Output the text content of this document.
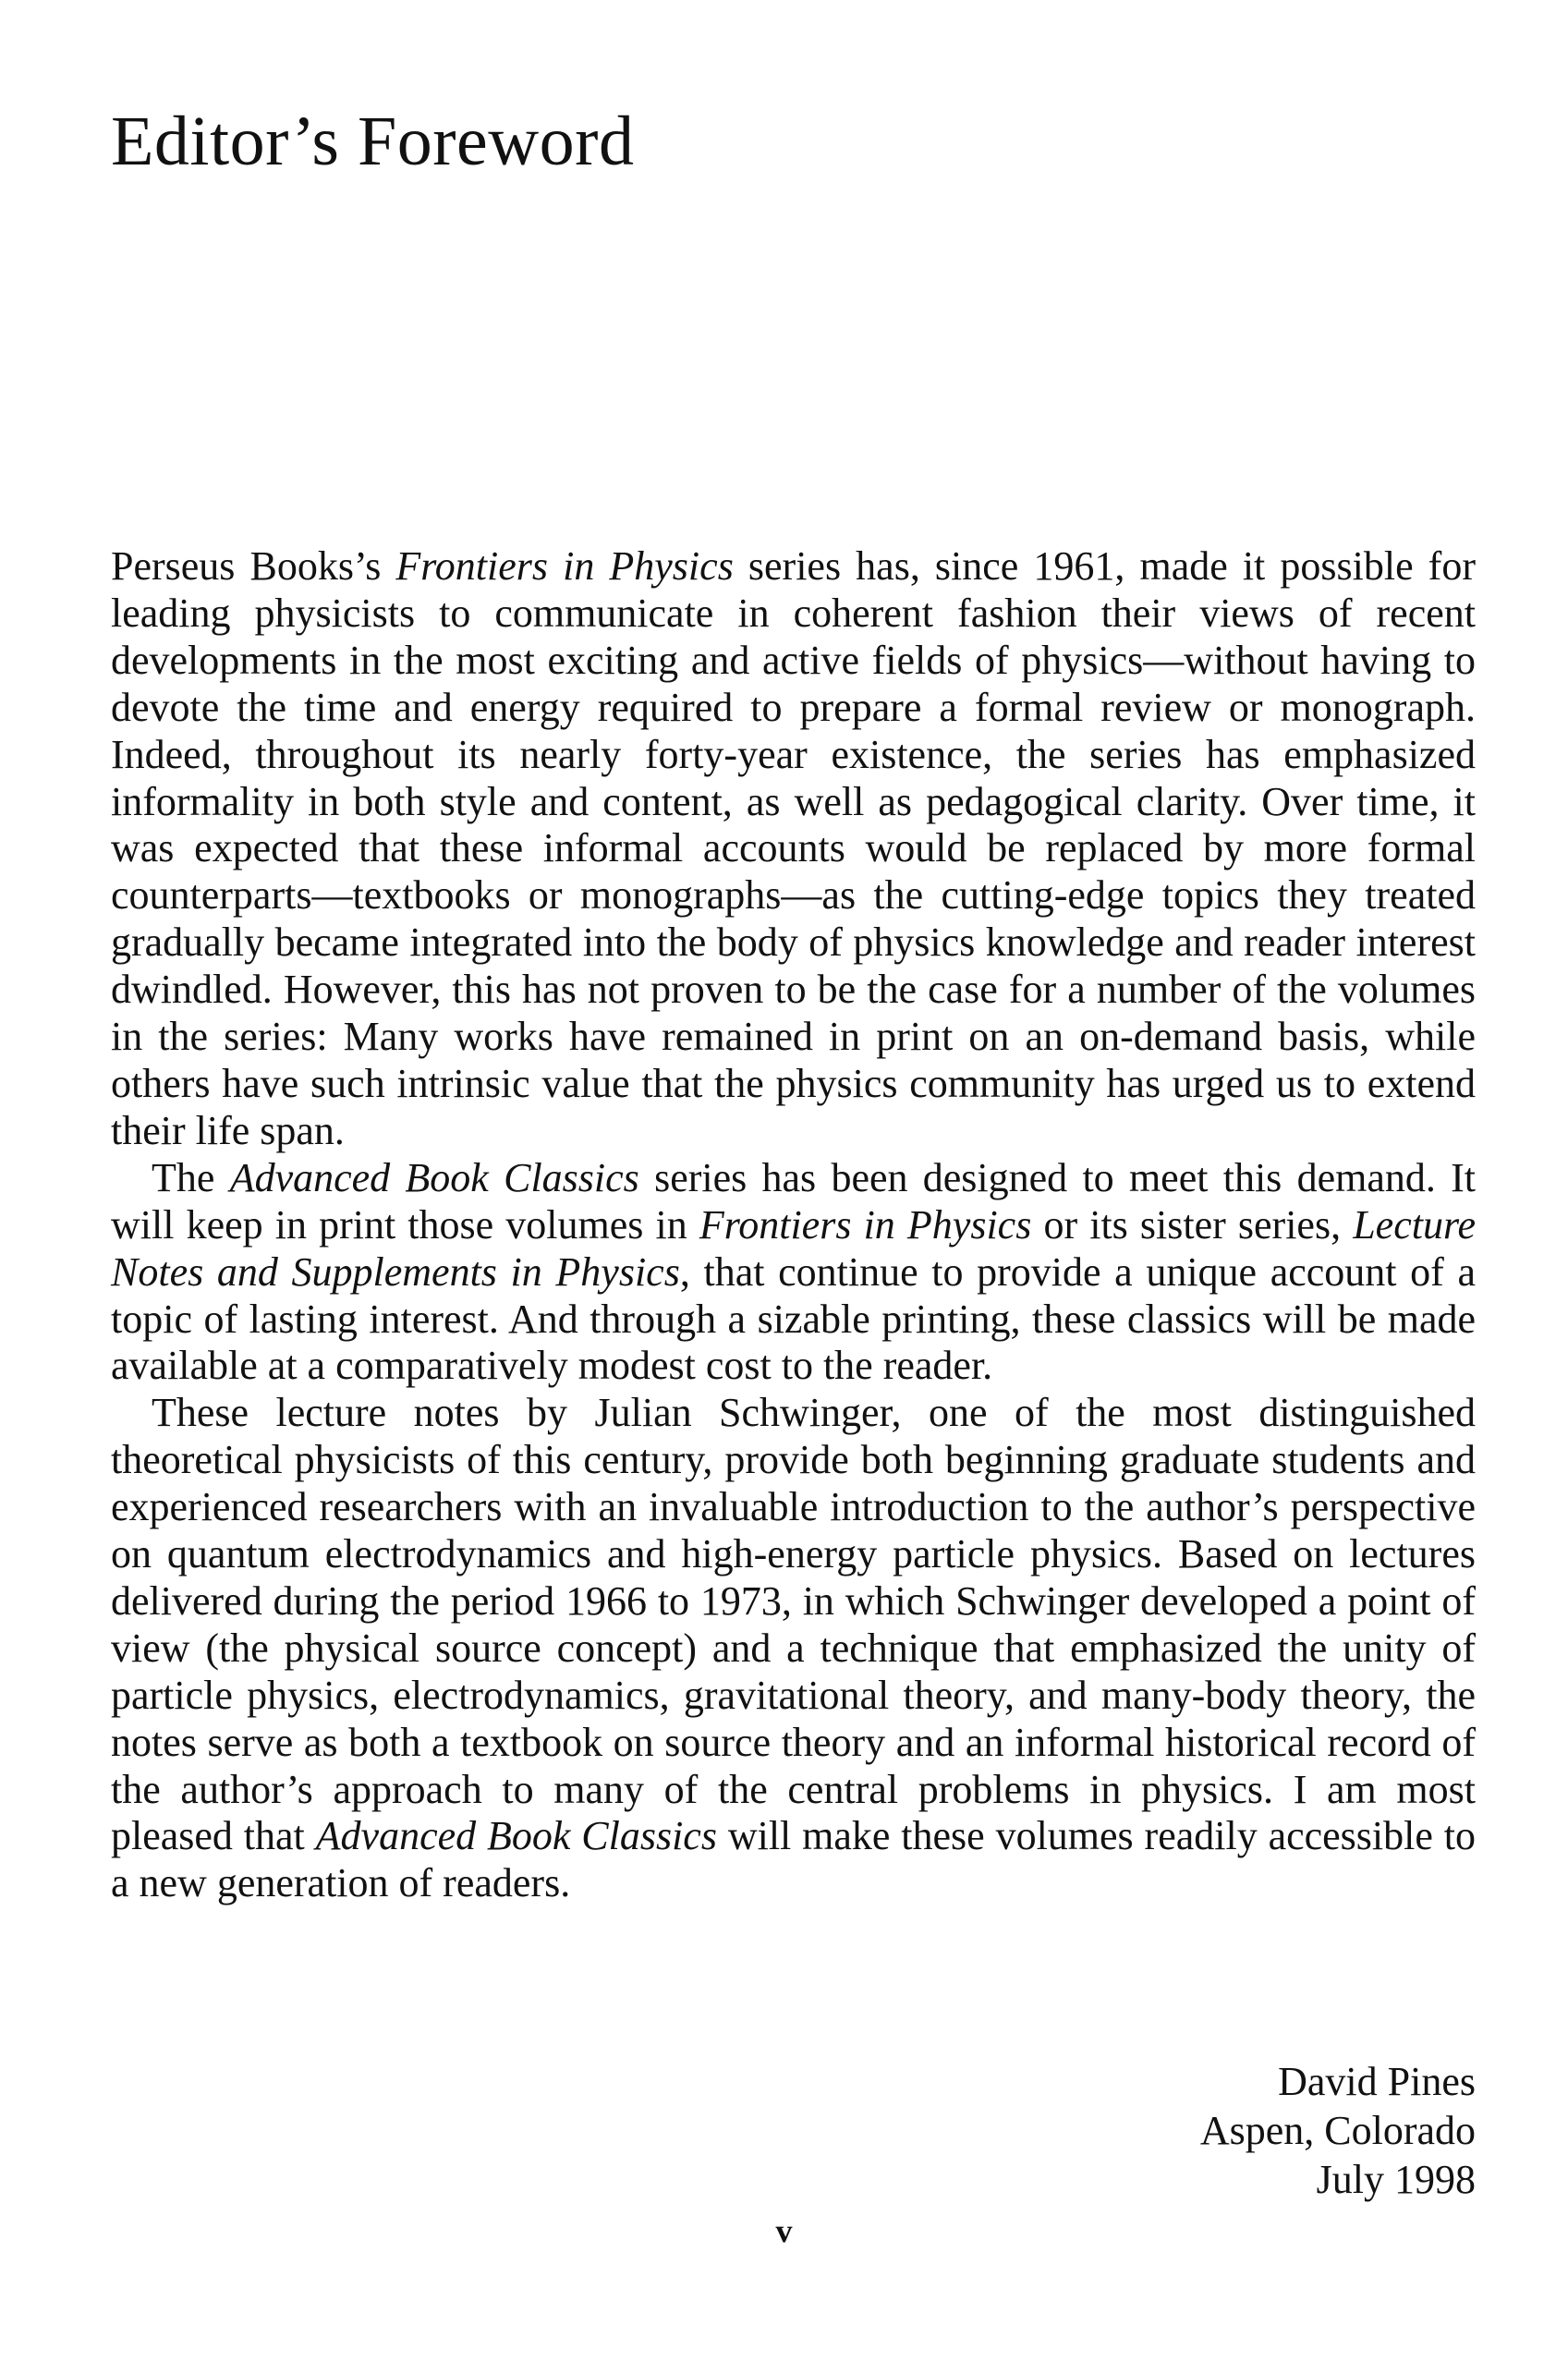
Editor’s Foreword

Perseus Books’s Frontiers in Physics series has, since 1961, made it possible for leading physicists to communicate in coherent fashion their views of recent developments in the most exciting and active fields of physics—without having to devote the time and energy required to prepare a formal review or monograph. Indeed, throughout its nearly forty-year existence, the series has emphasized informality in both style and content, as well as pedagogical clarity. Over time, it was expected that these informal accounts would be replaced by more formal counterparts—textbooks or monographs—as the cutting-edge topics they treated gradually became integrated into the body of physics knowledge and reader interest dwindled. However, this has not proven to be the case for a number of the volumes in the series: Many works have remained in print on an on-demand basis, while others have such intrinsic value that the physics community has urged us to extend their life span.

The Advanced Book Classics series has been designed to meet this demand. It will keep in print those volumes in Frontiers in Physics or its sister series, Lecture Notes and Supplements in Physics, that continue to provide a unique account of a topic of lasting interest. And through a sizable printing, these classics will be made available at a comparatively modest cost to the reader.

These lecture notes by Julian Schwinger, one of the most distinguished theoretical physicists of this century, provide both beginning graduate students and experienced researchers with an invaluable introduction to the author’s perspective on quantum electrodynamics and high-energy particle physics. Based on lectures delivered during the period 1966 to 1973, in which Schwinger developed a point of view (the physical source concept) and a technique that emphasized the unity of particle physics, electrodynamics, gravitational theory, and many-body theory, the notes serve as both a textbook on source theory and an informal historical record of the author’s approach to many of the central problems in physics. I am most pleased that Advanced Book Classics will make these volumes readily accessible to a new generation of readers.

David Pines
Aspen, Colorado
July 1998
v
